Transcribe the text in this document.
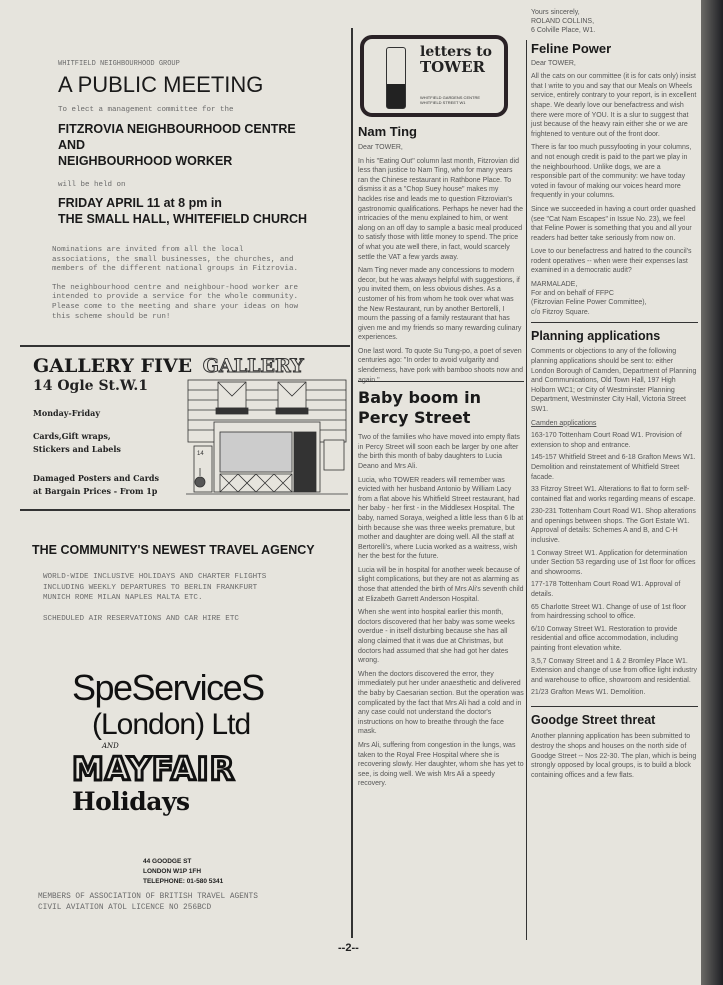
WHITFIELD NEIGHBOURHOOD GROUP
A PUBLIC MEETING
To elect a management committee for the
FITZROVIA NEIGHBOURHOOD CENTRE
AND
NEIGHBOURHOOD WORKER
will be held on
FRIDAY APRIL 11 at 8 pm in
THE SMALL HALL, WHITEFIELD CHURCH

Nominations are invited from all the local associations, the small businesses, the churches, and members of the different national groups in Fitzrovia.

The neighbourhood centre and neighbour-hood worker are intended to provide a service for the whole community. Please come to the meeting and share your ideas on how this scheme should be run!

GALLERY FIVE GALLERY
14 Ogle St.W.1
Monday-Friday
Cards,Gift wraps,
Stickers and Labels
Damaged Posters and Cards
at Bargain Prices - From 1p
14
THE COMMUNITY'S NEWEST TRAVEL AGENCY
WORLD-WIDE INCLUSIVE HOLIDAYS AND CHARTER FLIGHTS
INCLUDING WEEKLY DEPARTURES TO BERLIN FRANKFURT
MUNICH ROME MILAN NAPLES MALTA ETC.
SCHEDULED AIR RESERVATIONS AND CAR HIRE ETC
SpeServiceS
(London) Ltd
AND
MAYFAIR
Holidays
44 GOODGE ST
LONDON W1P 1FH
TELEPHONE: 01-580 5341
MEMBERS OF ASSOCIATION OF BRITISH TRAVEL AGENTS
CIVIL AVIATION ATOL LICENCE NO 256BCD
letters to
TOWER
WHITFIELD GARDENS CENTRE
WHITFIELD STREET W1
Nam Ting

Dear TOWER,

In his "Eating Out" column last month, Fitzrovian did less than justice to Nam Ting, who for many years ran the Chinese restaurant in Rathbone Place. To dismiss it as a "Chop Suey house" makes my hackles rise and leads me to question Fitzrovian's gastronomic qualifications. Perhaps he never had the intricacies of the menu explained to him, or went along on an off day to sample a basic meal produced to satisfy those with little money to spend. The price of what you ate well there, in fact, would scarcely settle the VAT a few yards away.

Nam Ting never made any concessions to modern decor, but he was always helpful with suggestions, if you invited them, on less obvious dishes. As a customer of his from whom he took over what was the New Restaurant, run by another Bertorelli, I mourn the passing of a family restaurant that has given me and my friends so many rewarding culinary experiences.

One last word. To quote Su Tung-po, a poet of seven centuries ago: "In order to avoid vulgarity and slenderness, have pork with bamboo shoots now and

Baby boom in Percy Street

Two of the families who have moved into empty flats in Percy Street will soon each be larger by one after the birth this month of baby daughters to Lucia Deano and Mrs Ali.

Lucia, who TOWER readers will remember was evicted with her husband Antonio by William Lacy from a flat above his Whitfield Street restaurant, had her baby - her first - in the Middlesex Hospital. The baby, named Soraya, weighed a little less than 6 lb at birth because she was three weeks premature, but mother and daughter are doing well. All the staff at Bertorelli's, where Lucia worked as a waitress, wish her the best for the future.

Lucia will be in hospital for another week because of slight complications, but they are not as alarming as those that attended the birth of Mrs Ali's seventh child at Elizabeth Garrett Anderson Hospital.

When she went into hospital earlier this month, doctors discovered that her baby was some weeks overdue - in itself disturbing because she has all along claimed that it was due at Christmas, but doctors had assumed that she had got her dates wrong.

When the doctors discovered the error, they immediately put her under anaesthetic and delivered the baby by Caesarian section. But the operation was complicated by the fact that Mrs Ali had a cold and in any case could not understand the doctor's instructions on how to breathe through the face mask.

Mrs Ali, suffering from congestion in the lungs, was taken to the Royal Free Hospital where she is recovering slowly. Her daughter, whom she has yet to see, is doing well. We wish Mrs Ali a speedy recovery.

Yours sincerely,
ROLAND COLLINS,
6 Colville Place, W1.
Feline Power

Dear TOWER,

All the cats on our committee (it is for cats only) insist that I write to you and say that our Meals on Wheels service, entirely contrary to your report, is in excellent shape. We dearly love our benefactress and wish there were more of YOU. It is a slur to suggest that just because of the heavy rain either she or we are frightened to venture out of the front door.

There is far too much pussyfooting in your columns, and not enough credit is paid to the part we play in the neighbourhood. Unlike dogs, we are a responsible part of the community: we have today voted in favour of making our voices heard more frequently in your columns.

Since we succeeded in having a court order quashed (see "Cat Nam Escapes" in Issue No. 23), we feel that Feline Power is something that you and all your readers had better take seriously from now on.

Love to our benefactress and hatred to the council's rodent operatives -- when were their expenses last examined in a democratic audit?

MARMALADE,
For and on behalf of FFPC
(Fitzrovian Feline Power Committee),
c/o Fitzroy Square.
Planning applications

Comments or objections to any of the following planning applications should be sent to: either London Borough of Camden, Department of Planning and Communications, Old Town Hall, 197 High Holborn WC1; or City of Westminster Planning Department, Westminster City Hall, Victoria Street SW1.

Camden applications

163-170 Tottenham Court Road W1. Provision of extension to shop and entrance.

145-157 Whitfield Street and 6-18 Grafton Mews W1. Demolition and reinstatement of Whitfield Street facade.

33 Fitzroy Street W1. Alterations to flat to form self-contained flat and works regarding means of escape.

230-231 Tottenham Court Road W1. Shop alterations and openings between shops. The Gort Estate W1. Approval of details: Schemes A and B, and C-H inclusive.

1 Conway Street W1. Application for determination under Section 53 regarding use of 1st floor for offices and showrooms.

177-178 Tottenham Court Road W1. Approval of details.

65 Charlotte Street W1. Change of use of 1st floor from hairdressing school to office.

6/10 Conway Street W1. Restoration to provide residential and office accommodation, including painting front elevation white.

3,5,7 Conway Street and 1 & 2 Bromley Place W1. Extension and change of use from office light industry and warehouse to office, showroom and residential.

21/23 Grafton Mews W1. Demolition.

Goodge Street threat

Another planning application has been submitted to destroy the shops and houses on the north side of Goodge Street -- Nos 22-30. The plan, which is being strongly opposed by local groups, is to build a block containing offices and a few flats.

--2--
